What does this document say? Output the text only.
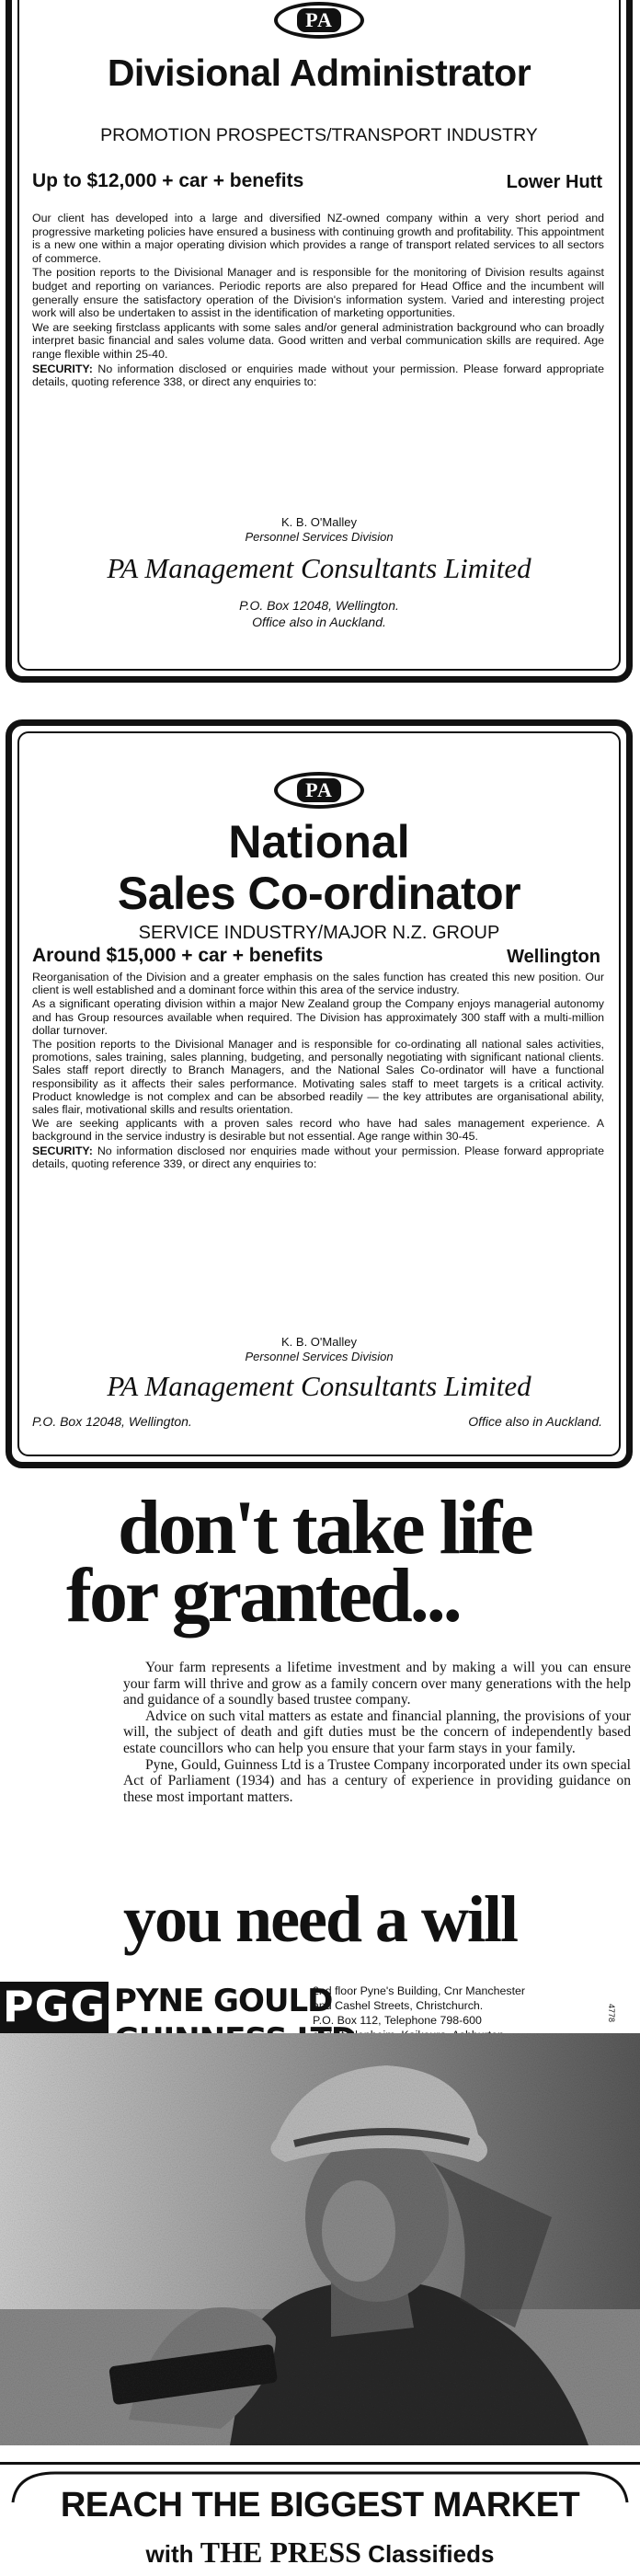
PA
Divisional Administrator
PROMOTION PROSPECTS/TRANSPORT INDUSTRY
Up to $12,000 + car + benefits	Lower Hutt

Our client has developed into a large and diversified NZ-owned company within a very short period and progressive marketing policies have ensured a business with continuing growth and profitability. This appointment is a new one within a major operating division which provides a range of transport related services to all sectors of commerce.

The position reports to the Divisional Manager and is responsible for the monitoring of Division results against budget and reporting on variances. Periodic reports are also prepared for Head Office and the incumbent will generally ensure the satisfactory operation of the Division's information system. Varied and interesting project work will also be undertaken to assist in the identification of marketing opportunities.

We are seeking firstclass applicants with some sales and/or general administration background who can broadly interpret basic financial and sales volume data. Good written and verbal communication skills are required. Age range flexible within 25-40.

SECURITY: No information disclosed or enquiries made without your permission. Please forward appropriate details, quoting reference 338, or direct any enquiries to:

K. B. O'Malley
Personnel Services Division
PA Management Consultants Limited
P.O. Box 12048, Wellington.
Office also in Auckland.
PA
National
Sales Co-ordinator
SERVICE INDUSTRY/MAJOR N.Z. GROUP
Around $15,000 + car + benefits	Wellington

Reorganisation of the Division and a greater emphasis on the sales function has created this new position. Our client is well established and a dominant force within this area of the service industry.

As a significant operating division within a major New Zealand group the Company enjoys managerial autonomy and has Group resources available when required. The Division has approximately 300 staff with a multi-million dollar turnover.

The position reports to the Divisional Manager and is responsible for co-ordinating all national sales activities, promotions, sales training, sales planning, budgeting, and personally negotiating with significant national clients. Sales staff report directly to Branch Managers, and the National Sales Co-ordinator will have a functional responsibility as it affects their sales performance. Motivating sales staff to meet targets is a critical activity. Product knowledge is not complex and can be absorbed readily — the key attributes are organisational ability, sales flair, motivational skills and results orientation.

We are seeking applicants with a proven sales record who have had sales management experience. A background in the service industry is desirable but not essential. Age range within 30-45.

SECURITY: No information disclosed nor enquiries made without your permission. Please forward appropriate details, quoting reference 339, or direct any enquiries to:

K. B. O'Malley
Personnel Services Division
PA Management Consultants Limited
P.O. Box 12048, Wellington.	Office also in Auckland.
don't take life
for granted...

Your farm represents a lifetime investment and by making a will you can ensure your farm will thrive and grow as a family concern over many generations with the help and guidance of a soundly based trustee company.

Advice on such vital matters as estate and financial planning, the provisions of your will, the subject of death and gift duties must be the concern of independently based estate councillors who can help you ensure that your farm stays in your family.

Pyne, Gould, Guinness Ltd is a Trustee Company incorporated under its own special Act of Parliament (1934) and has a century of experience in providing guidance on these most important matters.

you need a will
PGG PYNE GOULD
2nd floor Pyne's Building, Cnr Manchester
and Cashel Streets, Christchurch.
P.O. Box 112, Telephone 798-600	4778
REACH THE BIGGEST MARKET
with THE PRESS Classifieds
